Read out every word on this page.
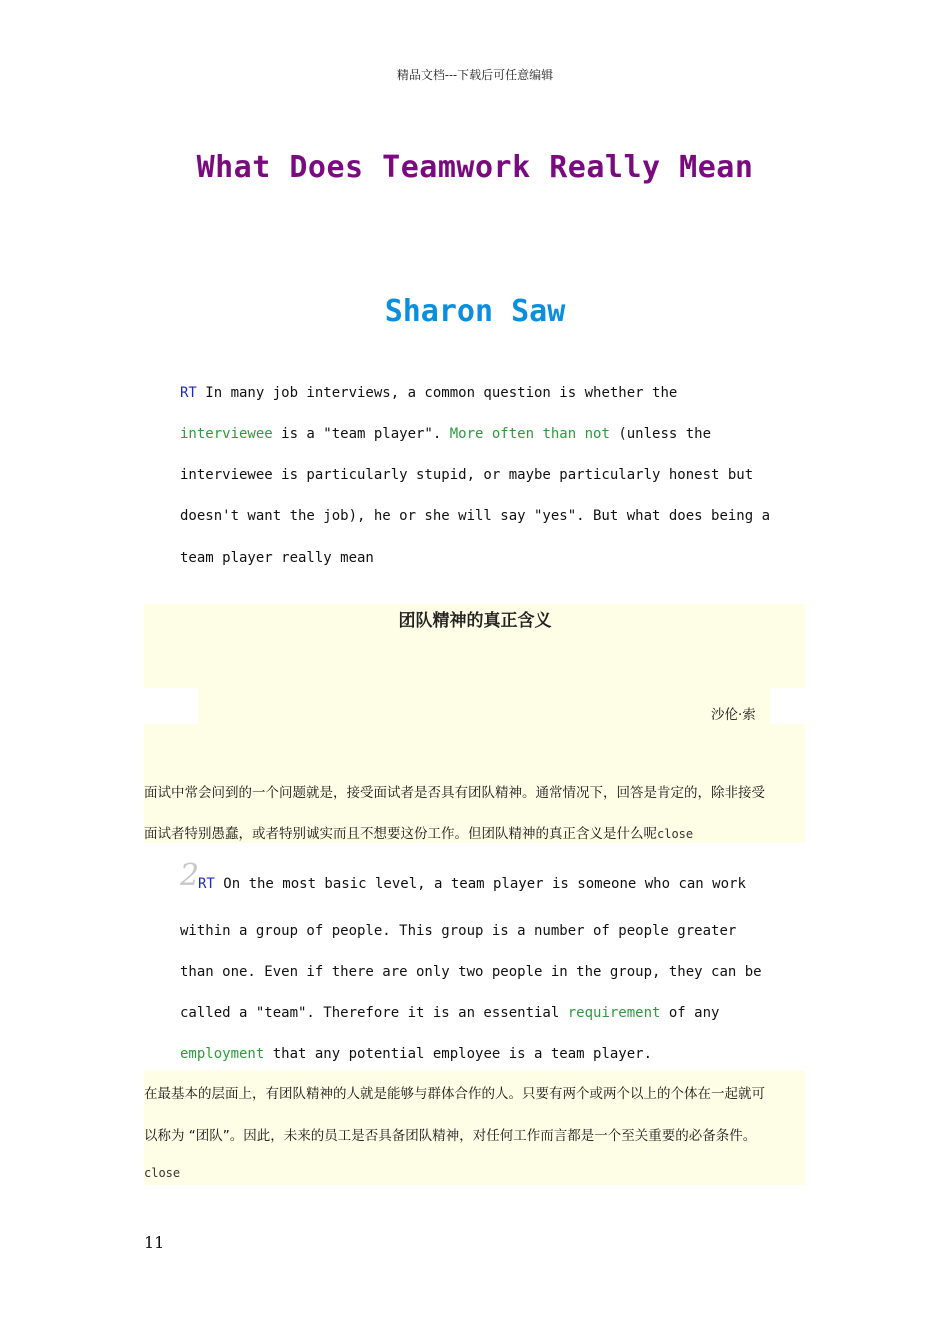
精品文档---下载后可任意编辑
What Does Teamwork Really Mean
Sharon Saw
RT In many job interviews, a common question is whether the
interviewee is a "team player". More often than not (unless the
interviewee is particularly stupid, or maybe particularly honest but
doesn't want the job), he or she will say "yes". But what does being a
team player really mean
团队精神的真正含义
沙伦·索
面试中常会问到的一个问题就是，接受面试者是否具有团队精神。通常情况下，回答是肯定的，除非接受
面试者特别愚蠢，或者特别诚实而且不想要这份工作。但团队精神的真正含义是什么呢close
2
RT On the most basic level, a team player is someone who can work
within a group of people. This group is a number of people greater
than one. Even if there are only two people in the group, they can be
called a "team". Therefore it is an essential requirement of any
employment that any potential employee is a team player.
在最基本的层面上，有团队精神的人就是能够与群体合作的人。只要有两个或两个以上的个体在一起就可
以称为 “团队”。因此，未来的员工是否具备团队精神，对任何工作而言都是一个至关重要的必备条件。
close
11
